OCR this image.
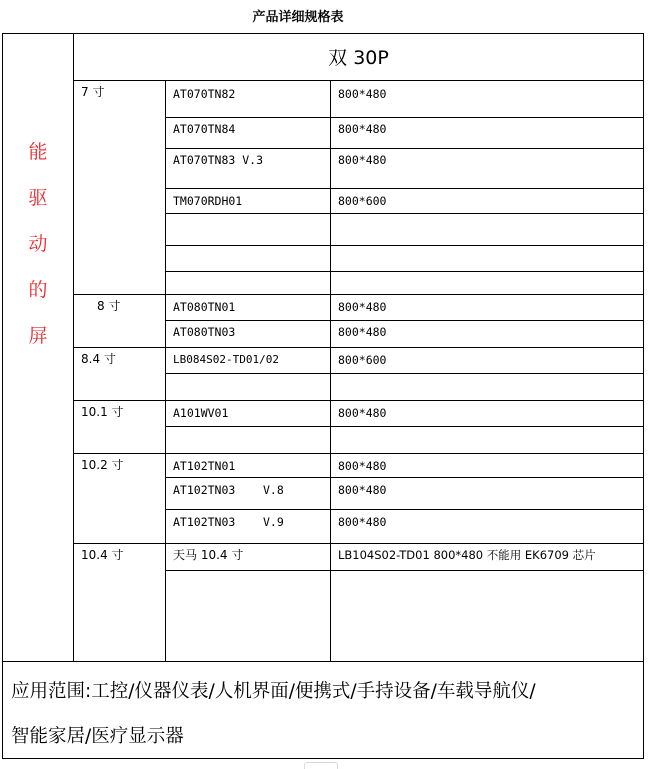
产品详细规格表
双 30P
能
驱
动
的
屏
7 寸
8 寸
8.4 寸
10.1 寸
10.2 寸
10.4 寸
AT070TN82
AT070TN84
AT070TN83 V.3
TM070RDH01
AT080TN01
AT080TN03
LB084S02-TD01/02
A101WV01
AT102TN01
AT102TN03    V.8
AT102TN03    V.9
天马 10.4 寸
800*480
800*480
800*480
800*600
800*480
800*480
800*600
800*480
800*480
800*480
800*480
LB104S02-TD01 800*480 不能用 EK6709 芯片
应用范围:工控/仪器仪表/人机界面/便携式/手持设备/车载导航仪/
智能家居/医疗显示器
